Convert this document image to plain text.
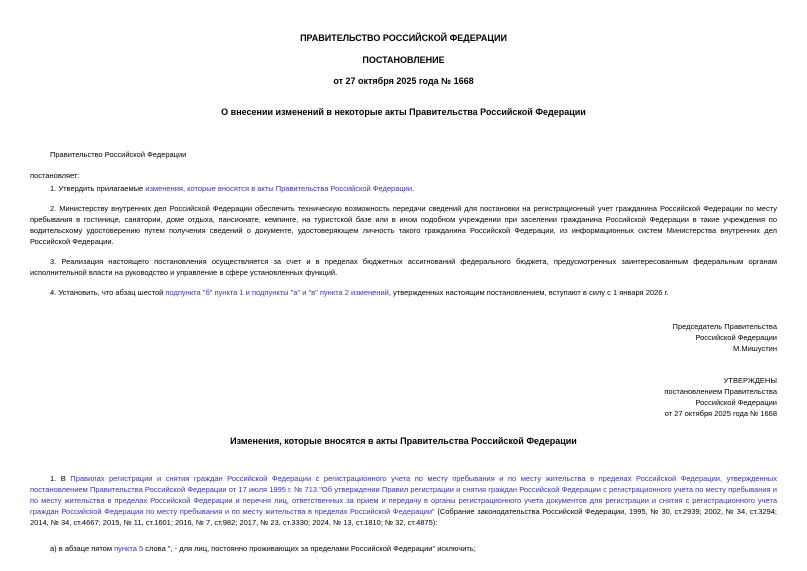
ПРАВИТЕЛЬСТВО РОССИЙСКОЙ ФЕДЕРАЦИИ
ПОСТАНОВЛЕНИЕ
от 27 октября 2025 года № 1668
О внесении изменений в некоторые акты Правительства Российской Федерации

Правительство Российской Федерации

постановляет:

1. Утвердить прилагаемые изменения, которые вносятся в акты Правительства Российской Федерации.

2. Министерству внутренних дел Российской Федерации обеспечить техническую возможность передачи сведений для постановки на регистрационный учет гражданина Российской Федерации по месту пребывания в гостинице, санатории, доме отдыха, пансионате, кемпинге, на туристской базе или в ином подобном учреждении при заселении гражданина Российской Федерации в такие учреждения по водительскому удостоверению путем получения сведений о документе, удостоверяющем личность такого гражданина Российской Федерации, из информационных систем Министерства внутренних дел Российской Федерации.

3. Реализация настоящего постановления осуществляется за счет и в пределах бюджетных ассигнований федерального бюджета, предусмотренных заинтересованным федеральным органам исполнительной власти на руководство и управление в сфере установленных функций.

4. Установить, что абзац шестой подпункта "б" пункта 1 и подпункты "а" и "в" пункта 2 изменений, утвержденных настоящим постановлением, вступают в силу с 1 января 2026 г.

Председатель Правительства
Российской Федерации
М.Мишустин
УТВЕРЖДЕНЫ
постановлением Правительства
Российской Федерации
от 27 октября 2025 года № 1668
Изменения, которые вносятся в акты Правительства Российской Федерации

1. В Правилах регистрации и снятия граждан Российской Федерации с регистрационного учета по месту пребывания и по месту жительства в пределах Российской Федерации, утвержденных постановлением Правительства Российской Федерации от 17 июля 1995 г. № 713 "Об утверждении Правил регистрации и снятия граждан Российской Федерации с регистрационного учета по месту пребывания и по месту жительства в пределах Российской Федерации и перечня лиц, ответственных за прием и передачу в органы регистрационного учета документов для регистрации и снятия с регистрационного учета граждан Российской Федерации по месту пребывания и по месту жительства в пределах Российской Федерации" (Собрание законодательства Российской Федерации, 1995, № 30, ст.2939; 2002, № 34, ст.3294; 2014, № 34, ст.4667; 2015, № 11, ст.1601; 2016, № 7, ст.982; 2017, № 23, ст.3330; 2024, № 13, ст.1810; № 32, ст.4875):

а) в абзаце пятом пункта 5 слова ", - для лиц, постоянно проживающих за пределами Российской Федерации" исключить;
